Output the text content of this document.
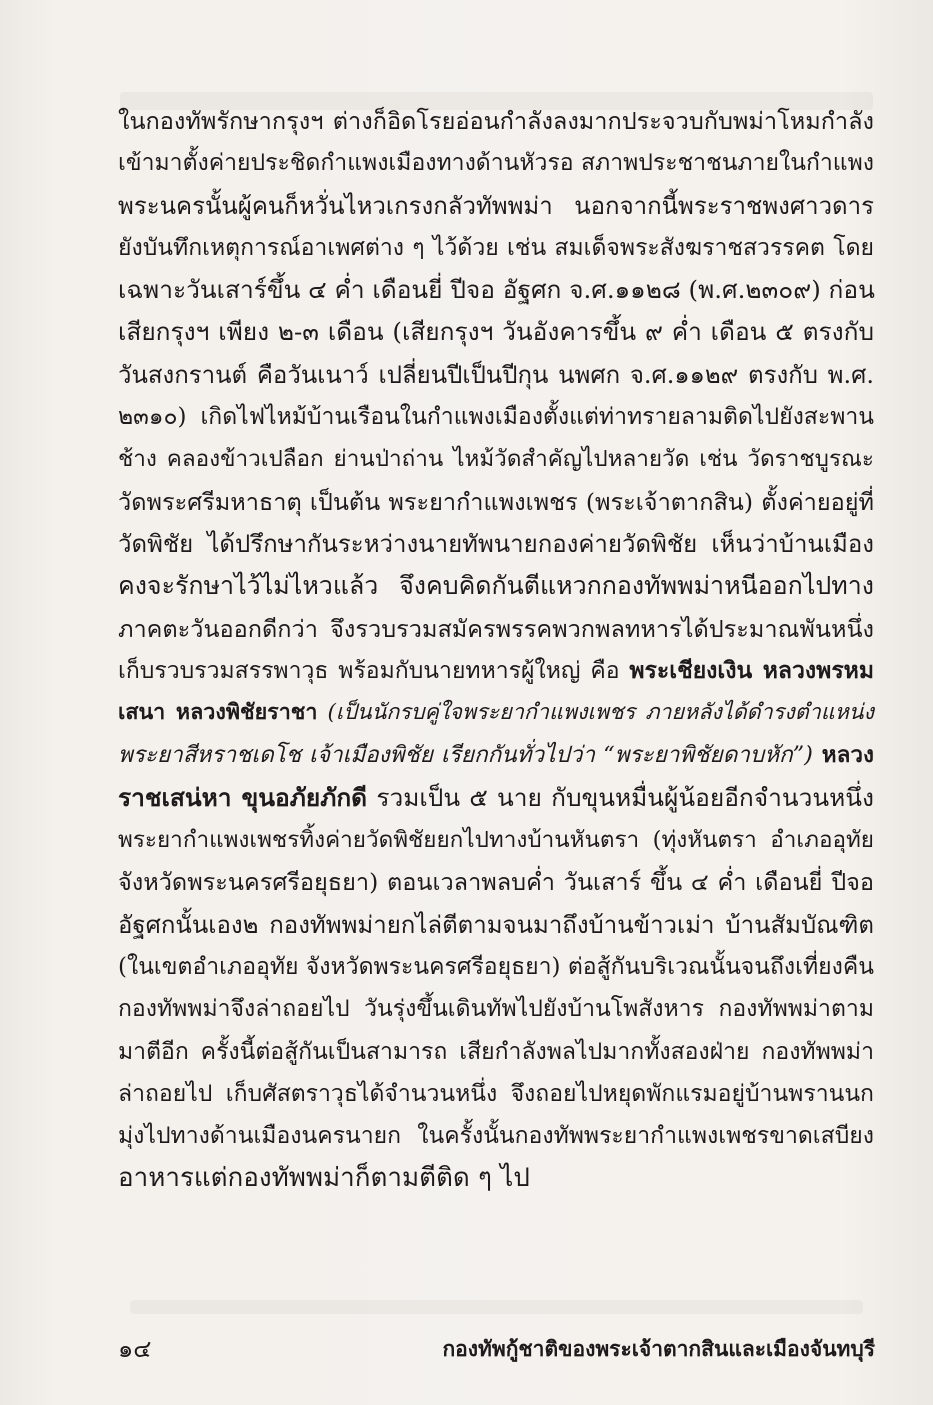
ในกองทัพรักษากรุงฯ ต่างก็อิดโรยอ่อนกำลังลงมากประจวบกับพม่าโหมกำลัง
เข้ามาตั้งค่ายประชิดกำแพงเมืองทางด้านหัวรอ สภาพประชาชนภายในกำแพง
พระนครนั้นผู้คนก็หวั่นไหวเกรงกลัวทัพพม่า นอกจากนี้พระราชพงศาวดาร
ยังบันทึกเหตุการณ์อาเพศต่าง ๆ ไว้ด้วย เช่น สมเด็จพระสังฆราชสวรรคต โดย
เฉพาะวันเสาร์ขึ้น ๔ ค่ำ เดือนยี่ ปีจอ อัฐศก จ.ศ.๑๑๒๘ (พ.ศ.๒๓๐๙) ก่อน
เสียกรุงฯ เพียง ๒-๓ เดือน (เสียกรุงฯ วันอังคารขึ้น ๙ ค่ำ เดือน ๕ ตรงกับ
วันสงกรานต์ คือวันเนาว์ เปลี่ยนปีเป็นปีกุน นพศก จ.ศ.๑๑๒๙ ตรงกับ พ.ศ.
๒๓๑๐) เกิดไฟไหม้บ้านเรือนในกำแพงเมืองตั้งแต่ท่าทรายลามติดไปยังสะพาน
ช้าง คลองข้าวเปลือก ย่านป่าถ่าน ไหม้วัดสำคัญไปหลายวัด เช่น วัดราชบูรณะ
วัดพระศรีมหาธาตุ เป็นต้น พระยากำแพงเพชร (พระเจ้าตากสิน) ตั้งค่ายอยู่ที่
วัดพิชัย ได้ปรึกษากันระหว่างนายทัพนายกองค่ายวัดพิชัย เห็นว่าบ้านเมือง
คงจะรักษาไว้ไม่ไหวแล้ว จึงคบคิดกันตีแหวกกองทัพพม่าหนีออกไปทาง
ภาคตะวันออกดีกว่า จึงรวบรวมสมัครพรรคพวกพลทหารได้ประมาณพันหนึ่ง
เก็บรวบรวมสรรพาวุธ พร้อมกับนายทหารผู้ใหญ่ คือ พระเชียงเงิน หลวงพรหม
เสนา หลวงพิชัยราชา (เป็นนักรบคู่ใจพระยากำแพงเพชร ภายหลังได้ดำรงตำแหน่ง
พระยาสีหราชเดโช เจ้าเมืองพิชัย เรียกกันทั่วไปว่า “พระยาพิชัยดาบหัก”) หลวง
ราชเสน่หา ขุนอภัยภักดี รวมเป็น ๕ นาย กับขุนหมื่นผู้น้อยอีกจำนวนหนึ่ง
พระยากำแพงเพชรทิ้งค่ายวัดพิชัยยกไปทางบ้านหันตรา (ทุ่งหันตรา อำเภออุทัย
จังหวัดพระนครศรีอยุธยา) ตอนเวลาพลบค่ำ วันเสาร์ ขึ้น ๔ ค่ำ เดือนยี่ ปีจอ
อัฐศกนั้นเอง๒ กองทัพพม่ายกไล่ตีตามจนมาถึงบ้านข้าวเม่า บ้านสัมบัณฑิต
(ในเขตอำเภออุทัย จังหวัดพระนครศรีอยุธยา) ต่อสู้กันบริเวณนั้นจนถึงเที่ยงคืน
กองทัพพม่าจึงล่าถอยไป วันรุ่งขึ้นเดินทัพไปยังบ้านโพสังหาร กองทัพพม่าตาม
มาตีอีก ครั้งนี้ต่อสู้กันเป็นสามารถ เสียกำลังพลไปมากทั้งสองฝ่าย กองทัพพม่า
ล่าถอยไป เก็บศัสตราวุธได้จำนวนหนึ่ง จึงถอยไปหยุดพักแรมอยู่บ้านพรานนก
มุ่งไปทางด้านเมืองนครนายก ในครั้งนั้นกองทัพพระยากำแพงเพชรขาดเสบียง
อาหารแต่กองทัพพม่าก็ตามตีติด ๆ ไป
๑๔	กองทัพกู้ชาติของพระเจ้าตากสินและเมืองจันทบุรี
